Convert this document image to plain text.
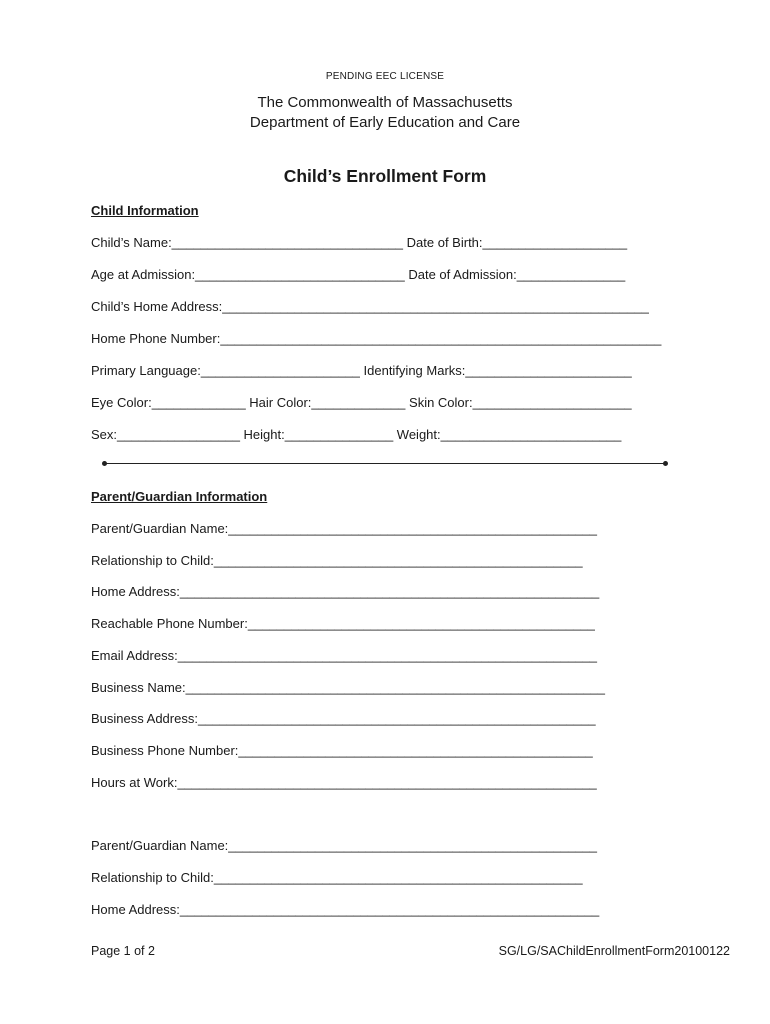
PENDING EEC LICENSE
The Commonwealth of Massachusetts
Department of Early Education and Care
Child’s Enrollment Form
Child Information
Child’s Name:________________________________ Date of Birth:____________________
Age at Admission:_____________________________ Date of Admission:_______________
Child’s Home Address:___________________________________________________________
Home Phone Number:_____________________________________________________________
Primary Language:______________________ Identifying Marks:_______________________
Eye Color:_____________ Hair Color:_____________ Skin Color:______________________
Sex:_________________ Height:_______________ Weight:_________________________
Parent/Guardian Information
Parent/Guardian Name:___________________________________________________
Relationship to Child:___________________________________________________
Home Address:__________________________________________________________
Reachable Phone Number:________________________________________________
Email Address:__________________________________________________________
Business Name:__________________________________________________________
Business Address:_______________________________________________________
Business Phone Number:_________________________________________________
Hours at Work:__________________________________________________________
Parent/Guardian Name:___________________________________________________
Relationship to Child:___________________________________________________
Home Address:__________________________________________________________
Page 1 of 2	SG/LG/SAChildEnrollmentForm20100122
